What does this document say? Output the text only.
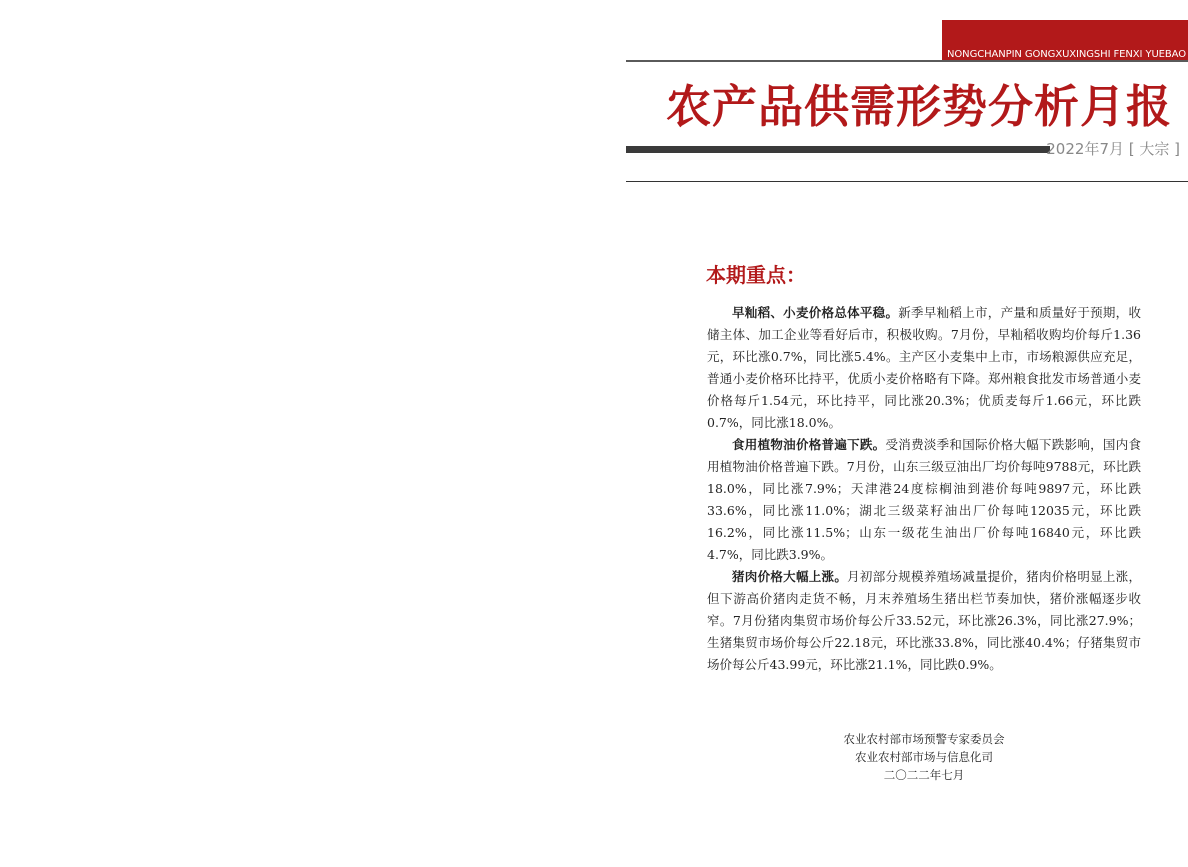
NONGCHANPIN GONGXUXINGSHI FENXI YUEBAO
农产品供需形势分析月报
2022年7月 [ 大宗 ]
本期重点：

早籼稻、小麦价格总体平稳。新季早籼稻上市，产量和质量好于预期，收储主体、加工企业等看好后市，积极收购。7月份，早籼稻收购均价每斤1.36元，环比涨0.7%，同比涨5.4%。主产区小麦集中上市，市场粮源供应充足，普通小麦价格环比持平，优质小麦价格略有下降。郑州粮食批发市场普通小麦价格每斤1.54元，环比持平，同比涨20.3%；优质麦每斤1.66元，环比跌0.7%，同比涨18.0%。

食用植物油价格普遍下跌。受消费淡季和国际价格大幅下跌影响，国内食用植物油价格普遍下跌。7月份，山东三级豆油出厂均价每吨9788元，环比跌18.0%，同比涨7.9%；天津港24度棕榈油到港价每吨9897元，环比跌33.6%，同比涨11.0%；湖北三级菜籽油出厂价每吨12035元，环比跌16.2%，同比涨11.5%；山东一级花生油出厂价每吨16840元，环比跌4.7%，同比跌3.9%。

猪肉价格大幅上涨。月初部分规模养殖场减量提价，猪肉价格明显上涨，但下游高价猪肉走货不畅，月末养殖场生猪出栏节奏加快，猪价涨幅逐步收窄。7月份猪肉集贸市场价每公斤33.52元，环比涨26.3%，同比涨27.9%；生猪集贸市场价每公斤22.18元，环比涨33.8%，同比涨40.4%；仔猪集贸市场价每公斤43.99元，环比涨21.1%，同比跌0.9%。

农业农村部市场预警专家委员会
农业农村部市场与信息化司
二〇二二年七月
